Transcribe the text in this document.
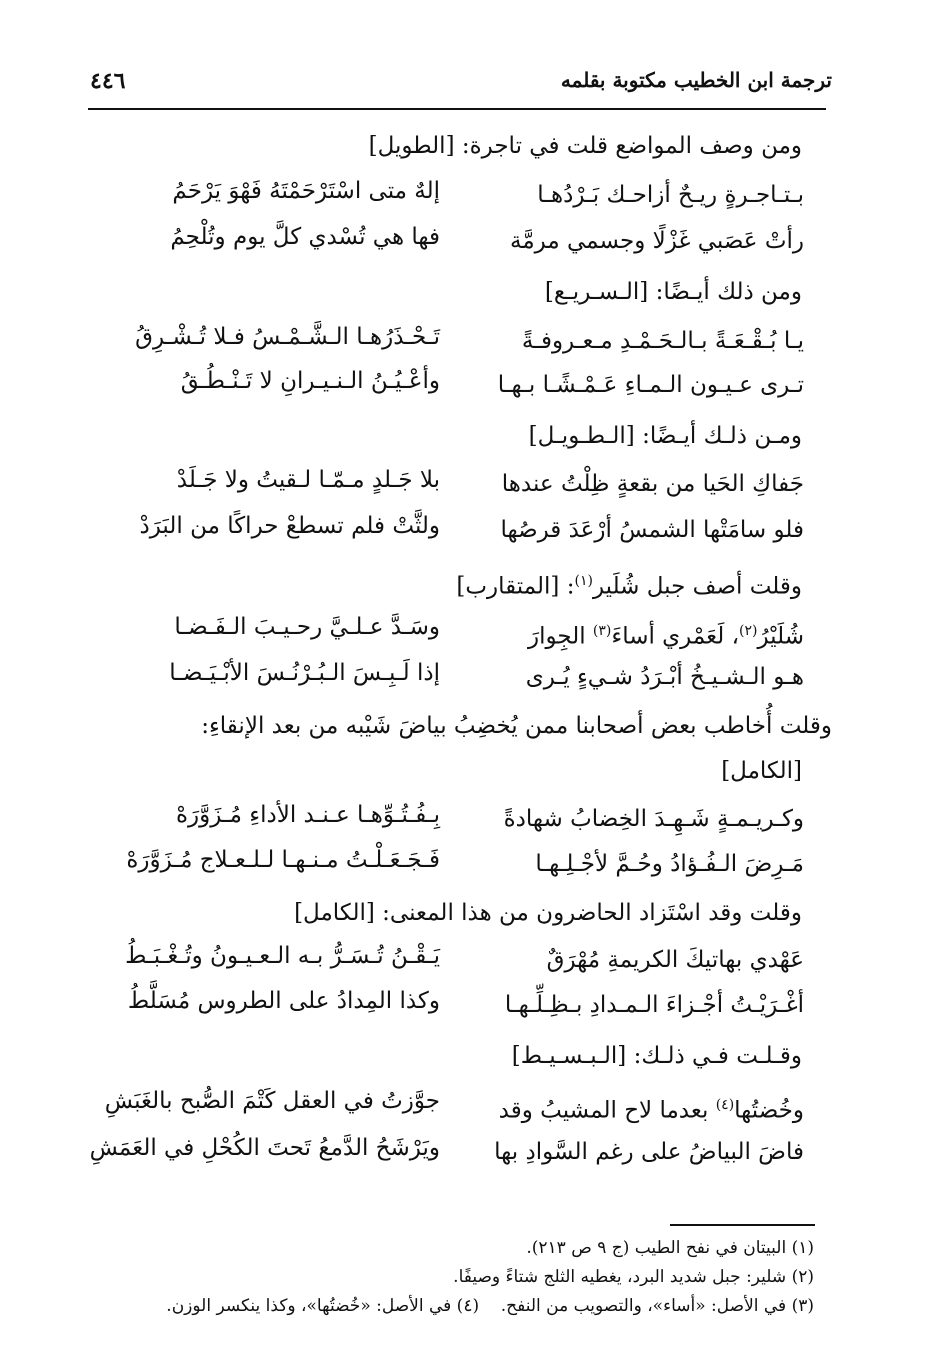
ترجمة ابن الخطيب مكتوبة بقلمه
٤٤٦
ومن وصف المواضع قلت في تاجرة: [الطويل]
بـتـاجـرةٍ ريـحٌ أزاحـك بَـرْدُهـا
إلهٌ متى اسْتَرْحَمْتَهُ فَهْوَ يَرْحَمُ
رأتْ عَصَبي غَزْلًا وجسمي مرمَّة
فها هي تُسْدي كلَّ يوم وتُلْحِمُ
ومن ذلك أيـضًا: [الـسـريـع]
يـا بُـقْـعَـةً بـالـحَـمْـدِ مـعـروفـةً
تَـحْـذَرُهـا الـشَّـمْـسُ فـلا تُـشْـرِقُ
تـرى عـيـون الـمـاءِ عَـمْـشًـا بـهـا
وأعْـيُـنُ الـنـيـرانِ لا تَـنْـطُـقُ
ومـن ذلـك أيـضًا: [الـطـويـل]
جَفاكِ الحَيا من بقعةٍ ظِلْتُ عندها
بلا جَـلدٍ مـمّـا لـقيتُ ولا جَـلَدْ
فلو سامَتْها الشمسُ أرْعَدَ قرصُها
ولثَّتْ فلم تسطعْ حراكًا من البَرَدْ
وقلت أصف جبل شُلَير$^{(١)}$: [المتقارب]
شُلَيْرُ$^{(٢)}$، لَعَمْري أساءَ$^{(٣)}$ الجِوارَ
وسَـدَّ عـلـيَّ رحـيـبَ الـفَـضـا
هـو الـشـيـخُ أبْـرَدُ شـيءٍ يُـرى
إذا لَـبِـسَ الـبُـرْنُـسَ الأبْـيَـضـا
وقلت أُخاطب بعض أصحابنا ممن يُخضِبُ بياضَ شَيْبه من بعد الإنقاءِ:
[الكامل]
وكـريـمـةٍ شَـهِـدَ الخِضابُ شهادةً
بِـفُـتُـوِّهـا عـنـد الأداءِ مُـزَوَّرَهْ
مَـرِضَ الـفُـؤادُ وحُـمَّ لأجْـلِـهـا
فَـجَـعَـلْـتُ مـنـهـا لـلـعـلاج مُـزَوَّرَهْ
وقلت وقد اسْتَزاد الحاضرون من هذا المعنى: [الكامل]
عَهْدي بهاتيكَ الكريمةِ مُهْرَقٌ
يَـقْـنُ تُـسَـرُّ بـه الـعـيـونُ وتُـغْـبَـطُ
أغْـرَيْـتُ أجْـزاءَ الـمـدادِ بـظِـلِّـهـا
وكذا المِدادُ على الطروس مُسَلَّطُ
وقـلـت فـي ذلـك: [الـبـسـيـط]
وخُضتُها$^{(٤)}$ بعدما لاح المشيبُ وقد
جوَّزتُ في العقل كَتْمَ الصُّبح بالغَبَشِ
فاضَ البياضُ على رغم السَّوادِ بها
ويَرْشَحُ الدَّمعُ تَحتَ الكُحْلِ في العَمَشِ
(١) البيتان في نفح الطيب (ج ٩ ص ٢١٣).
(٢) شلير: جبل شديد البرد، يغطيه الثلج شتاءً وصيفًا.
(٣) في الأصل: «أساء»، والتصويب من النفح.    (٤) في الأصل: «خُضتُها»، وكذا ينكسر الوزن.
